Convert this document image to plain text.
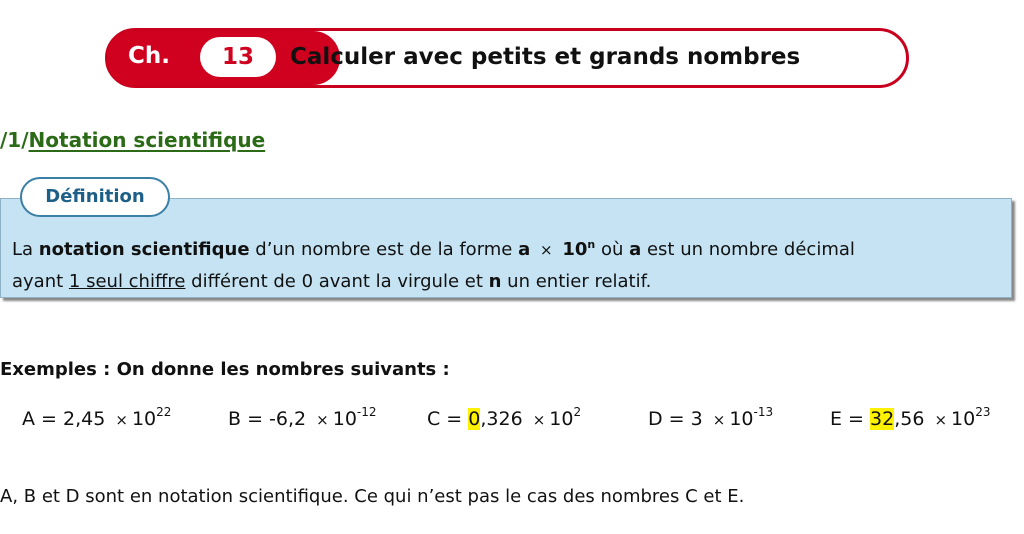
Ch.	13	Calculer avec petits et grands nombres
/1/Notation scientifique
Définition
La notation scientifique d’un nombre est de la forme $a \times 10^n$ où a est un nombre décimal
ayant 1 seul chiffre différent de 0 avant la virgule et n un entier relatif.
Exemples : On donne les nombres suivants :
$A = 2,45 \times 10^{22}$	$B = -6,2 \times 10^{-12}$	$C = 0,326 \times 10^2$	$D = 3 \times 10^{-13}$	$E = 32,56 \times 10^{23}$
A, B et D sont en notation scientifique. Ce qui n’est pas le cas des nombres C et E.
